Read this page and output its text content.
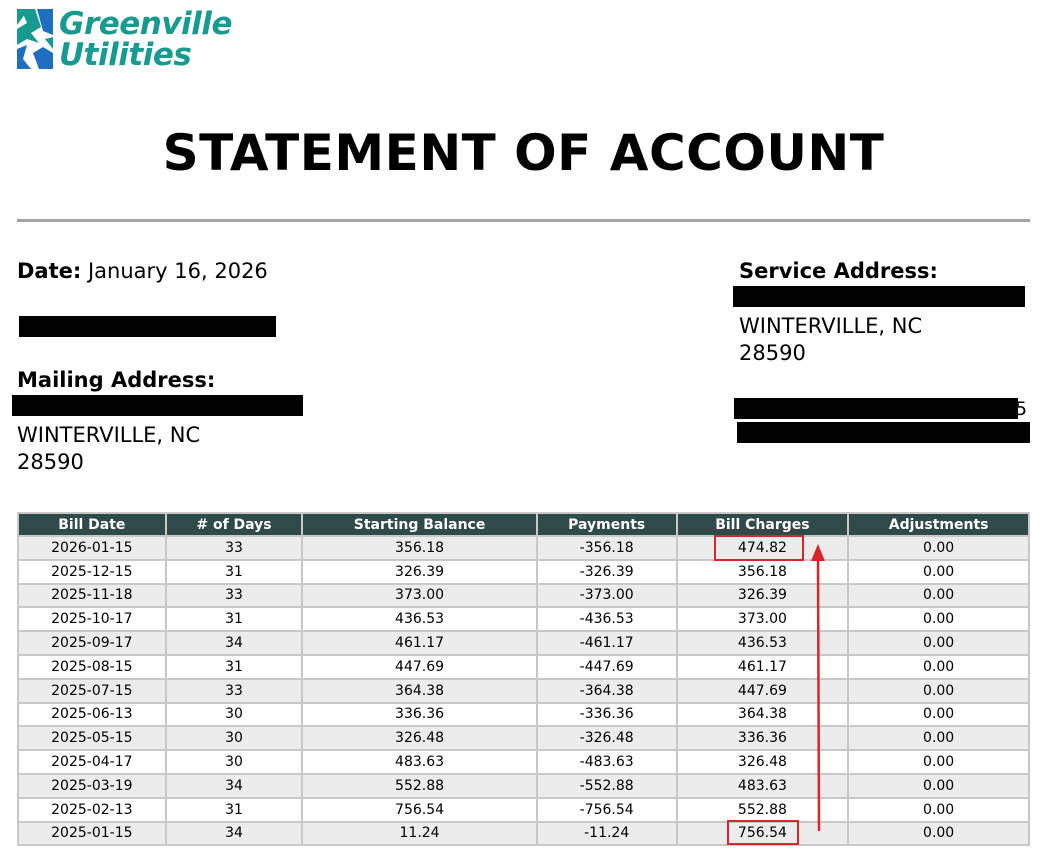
Greenville
Utilities
STATEMENT OF ACCOUNT
Date: January 16, 2026
Mailing Address:
WINTERVILLE, NC
28590
Service Address:
WINTERVILLE, NC
28590
5
Bill Date	# of Days	Starting Balance	Payments	Bill Charges	Adjustments
2026-01-15	33	356.18	-356.18	474.82	0.00
2025-12-15	31	326.39	-326.39	356.18	0.00
2025-11-18	33	373.00	-373.00	326.39	0.00
2025-10-17	31	436.53	-436.53	373.00	0.00
2025-09-17	34	461.17	-461.17	436.53	0.00
2025-08-15	31	447.69	-447.69	461.17	0.00
2025-07-15	33	364.38	-364.38	447.69	0.00
2025-06-13	30	336.36	-336.36	364.38	0.00
2025-05-15	30	326.48	-326.48	336.36	0.00
2025-04-17	30	483.63	-483.63	326.48	0.00
2025-03-19	34	552.88	-552.88	483.63	0.00
2025-02-13	31	756.54	-756.54	552.88	0.00
2025-01-15	34	11.24	-11.24	756.54	0.00
